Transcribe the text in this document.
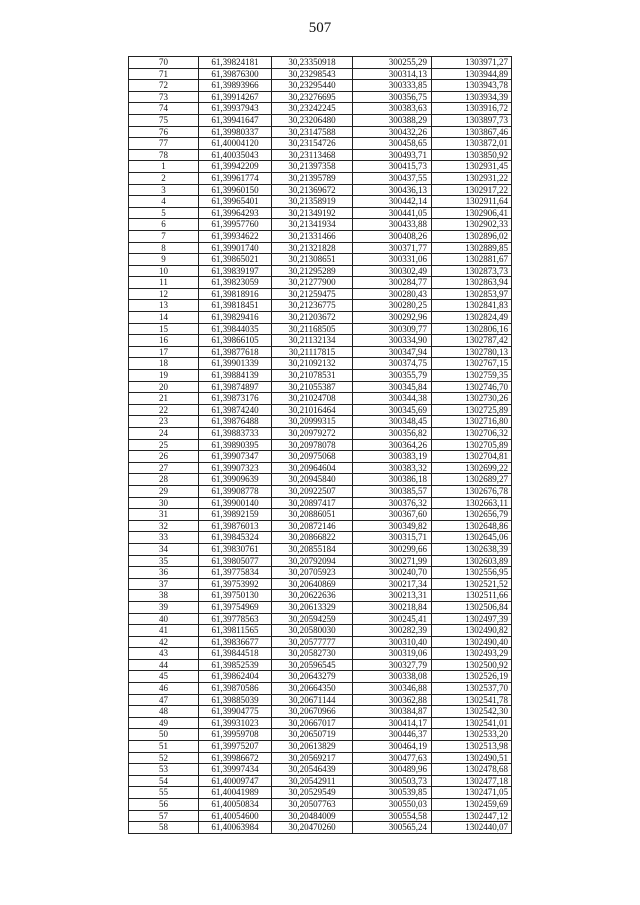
507
70	61,39824181	30,23350918	300255,29	1303971,27
71	61,39876300	30,23298543	300314,13	1303944,89
72	61,39893966	30,23295440	300333,85	1303943,78
73	61,39914267	30,23276695	300356,75	1303934,39
74	61,39937943	30,23242245	300383,63	1303916,72
75	61,39941647	30,23206480	300388,29	1303897,73
76	61,39980337	30,23147588	300432,26	1303867,46
77	61,40004120	30,23154726	300458,65	1303872,01
78	61,40035043	30,23113468	300493,71	1303850,92
1	61,39942209	30,21397358	300415,73	1302931,45
2	61,39961774	30,21395789	300437,55	1302931,22
3	61,39960150	30,21369672	300436,13	1302917,22
4	61,39965401	30,21358919	300442,14	1302911,64
5	61,39964293	30,21349192	300441,05	1302906,41
6	61,39957760	30,21341934	300433,88	1302902,33
7	61,39934622	30,21331466	300408,26	1302896,02
8	61,39901740	30,21321828	300371,77	1302889,85
9	61,39865021	30,21308651	300331,06	1302881,67
10	61,39839197	30,21295289	300302,49	1302873,73
11	61,39823059	30,21277900	300284,77	1302863,94
12	61,39818916	30,21259475	300280,43	1302853,97
13	61,39818451	30,21236775	300280,25	1302841,83
14	61,39829416	30,21203672	300292,96	1302824,49
15	61,39844035	30,21168505	300309,77	1302806,16
16	61,39866105	30,21132134	300334,90	1302787,42
17	61,39877618	30,21117815	300347,94	1302780,13
18	61,39901339	30,21092132	300374,75	1302767,15
19	61,39884139	30,21078531	300355,79	1302759,35
20	61,39874897	30,21055387	300345,84	1302746,70
21	61,39873176	30,21024708	300344,38	1302730,26
22	61,39874240	30,21016464	300345,69	1302725,89
23	61,39876488	30,20999315	300348,45	1302716,80
24	61,39883733	30,20979272	300356,82	1302706,32
25	61,39890395	30,20978078	300364,26	1302705,89
26	61,39907347	30,20975068	300383,19	1302704,81
27	61,39907323	30,20964604	300383,32	1302699,22
28	61,39909639	30,20945840	300386,18	1302689,27
29	61,39908778	30,20922507	300385,57	1302676,78
30	61,39900140	30,20897417	300376,32	1302663,11
31	61,39892159	30,20886051	300367,60	1302656,79
32	61,39876013	30,20872146	300349,82	1302648,86
33	61,39845324	30,20866822	300315,71	1302645,06
34	61,39830761	30,20855184	300299,66	1302638,39
35	61,39805077	30,20792094	300271,99	1302603,89
36	61,39775834	30,20705923	300240,70	1302556,95
37	61,39753992	30,20640869	300217,34	1302521,52
38	61,39750130	30,20622636	300213,31	1302511,66
39	61,39754969	30,20613329	300218,84	1302506,84
40	61,39778563	30,20594259	300245,41	1302497,39
41	61,39811565	30,20580030	300282,39	1302490,82
42	61,39836677	30,20577777	300310,40	1302490,40
43	61,39844518	30,20582730	300319,06	1302493,29
44	61,39852539	30,20596545	300327,79	1302500,92
45	61,39862404	30,20643279	300338,08	1302526,19
46	61,39870586	30,20664350	300346,88	1302537,70
47	61,39885039	30,20671144	300362,88	1302541,78
48	61,39904775	30,20670966	300384,87	1302542,30
49	61,39931023	30,20667017	300414,17	1302541,01
50	61,39959708	30,20650719	300446,37	1302533,20
51	61,39975207	30,20613829	300464,19	1302513,98
52	61,39986672	30,20569217	300477,63	1302490,51
53	61,39997434	30,20546439	300489,96	1302478,68
54	61,40009747	30,20542911	300503,73	1302477,18
55	61,40041989	30,20529549	300539,85	1302471,05
56	61,40050834	30,20507763	300550,03	1302459,69
57	61,40054600	30,20484009	300554,58	1302447,12
58	61,40063984	30,20470260	300565,24	1302440,07
